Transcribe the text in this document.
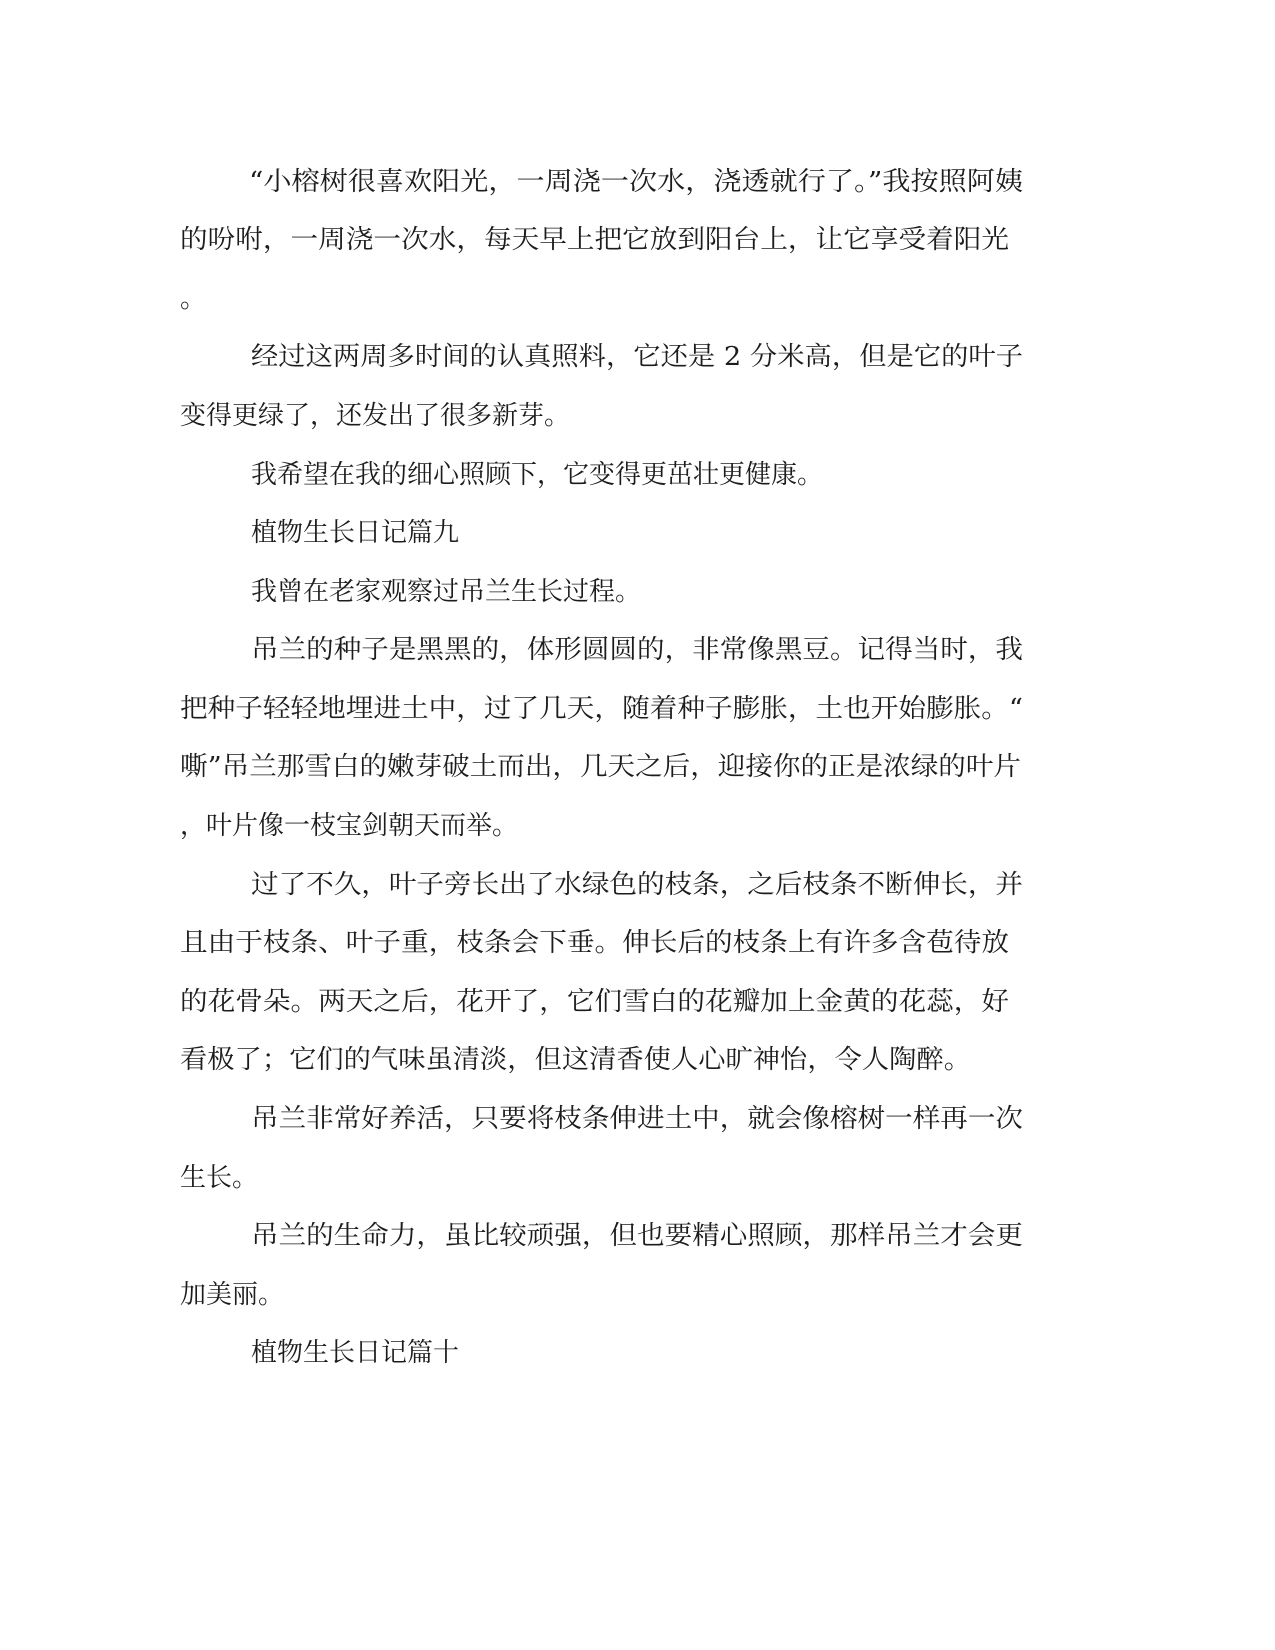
“小榕树很喜欢阳光，一周浇一次水，浇透就行了。”我按照阿姨
的吩咐，一周浇一次水，每天早上把它放到阳台上，让它享受着阳光
。
经过这两周多时间的认真照料，它还是 2 分米高，但是它的叶子
变得更绿了，还发出了很多新芽。
我希望在我的细心照顾下，它变得更茁壮更健康。
植物生长日记篇九
我曾在老家观察过吊兰生长过程。
吊兰的种子是黑黑的，体形圆圆的，非常像黑豆。记得当时，我
把种子轻轻地埋进土中，过了几天，随着种子膨胀，土也开始膨胀。“
嘶”吊兰那雪白的嫩芽破土而出，几天之后，迎接你的正是浓绿的叶片
，叶片像一枝宝剑朝天而举。
过了不久，叶子旁长出了水绿色的枝条，之后枝条不断伸长，并
且由于枝条、叶子重，枝条会下垂。伸长后的枝条上有许多含苞待放
的花骨朵。两天之后，花开了，它们雪白的花瓣加上金黄的花蕊，好
看极了；它们的气味虽清淡，但这清香使人心旷神怡，令人陶醉。
吊兰非常好养活，只要将枝条伸进土中，就会像榕树一样再一次
生长。
吊兰的生命力，虽比较顽强，但也要精心照顾，那样吊兰才会更
加美丽。
植物生长日记篇十
